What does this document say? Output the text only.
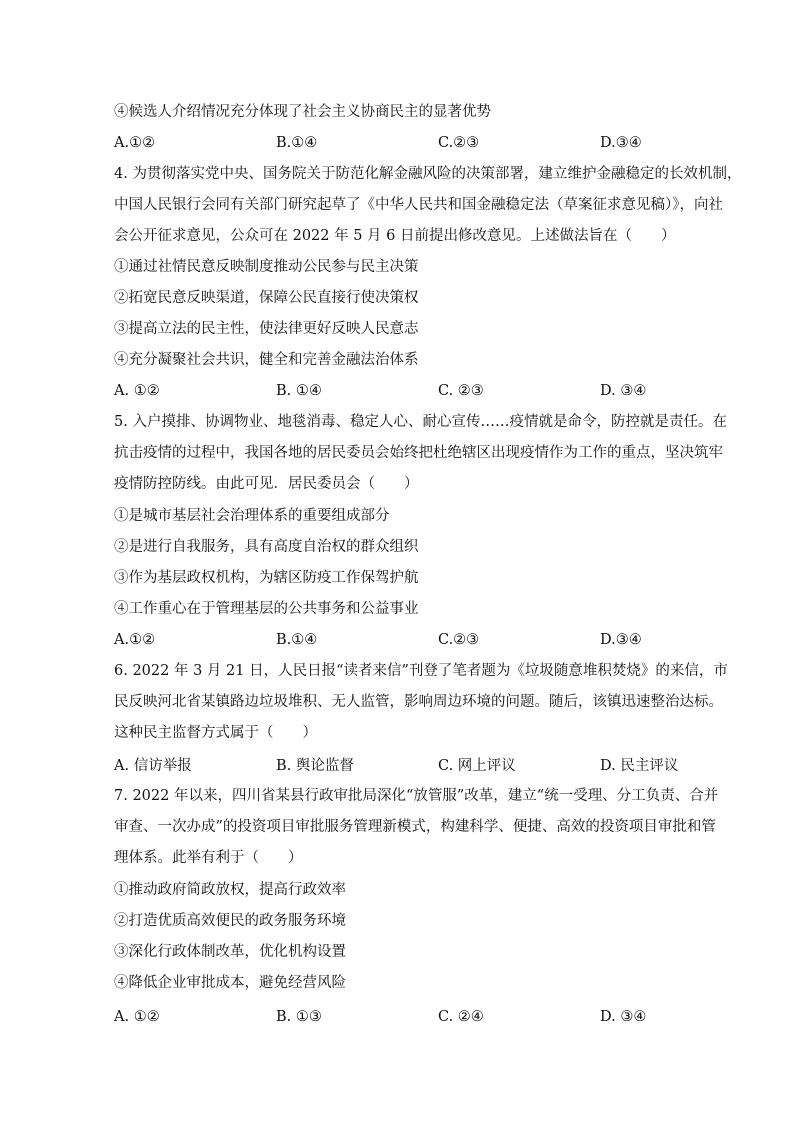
④候选人介绍情况充分体现了社会主义协商民主的显著优势
A.①②	B.①④	C.②③	D.③④
4. 为贯彻落实党中央、国务院关于防范化解金融风险的决策部署，建立维护金融稳定的长效机制，
中国人民银行会同有关部门研究起草了《中华人民共和国金融稳定法（草案征求意见稿）》，向社
会公开征求意见，公众可在 2022 年 5 月 6 日前提出修改意见。上述做法旨在（　　）
①通过社情民意反映制度推动公民参与民主决策
②拓宽民意反映渠道，保障公民直接行使决策权
③提高立法的民主性，使法律更好反映人民意志
④充分凝聚社会共识，健全和完善金融法治体系
A. ①②	B. ①④	C. ②③	D. ③④
5. 入户摸排、协调物业、地毯消毒、稳定人心、耐心宣传……疫情就是命令，防控就是责任。在
抗击疫情的过程中，我国各地的居民委员会始终把杜绝辖区出现疫情作为工作的重点，坚决筑牢
疫情防控防线。由此可见．居民委员会（　　）
①是城市基层社会治理体系的重要组成部分
②是进行自我服务，具有高度自治权的群众组织
③作为基层政权机构，为辖区防疫工作保驾护航
④工作重心在于管理基层的公共事务和公益事业
A.①②	B.①④	C.②③	D.③④
6. 2022 年 3 月 21 日，人民日报“读者来信”刊登了笔者题为《垃圾随意堆积焚烧》的来信，市
民反映河北省某镇路边垃圾堆积、无人监管，影响周边环境的问题。随后，该镇迅速整治达标。
这种民主监督方式属于（　　）
A. 信访举报	B. 舆论监督	C. 网上评议	D. 民主评议
7. 2022 年以来，四川省某县行政审批局深化“放管服”改革，建立“统一受理、分工负责、合并
审查、一次办成”的投资项目审批服务管理新模式，构建科学、便捷、高效的投资项目审批和管
理体系。此举有利于（　　）
①推动政府简政放权，提高行政效率
②打造优质高效便民的政务服务环境
③深化行政体制改革，优化机构设置
④降低企业审批成本，避免经营风险
A. ①②	B. ①③	C. ②④	D. ③④
